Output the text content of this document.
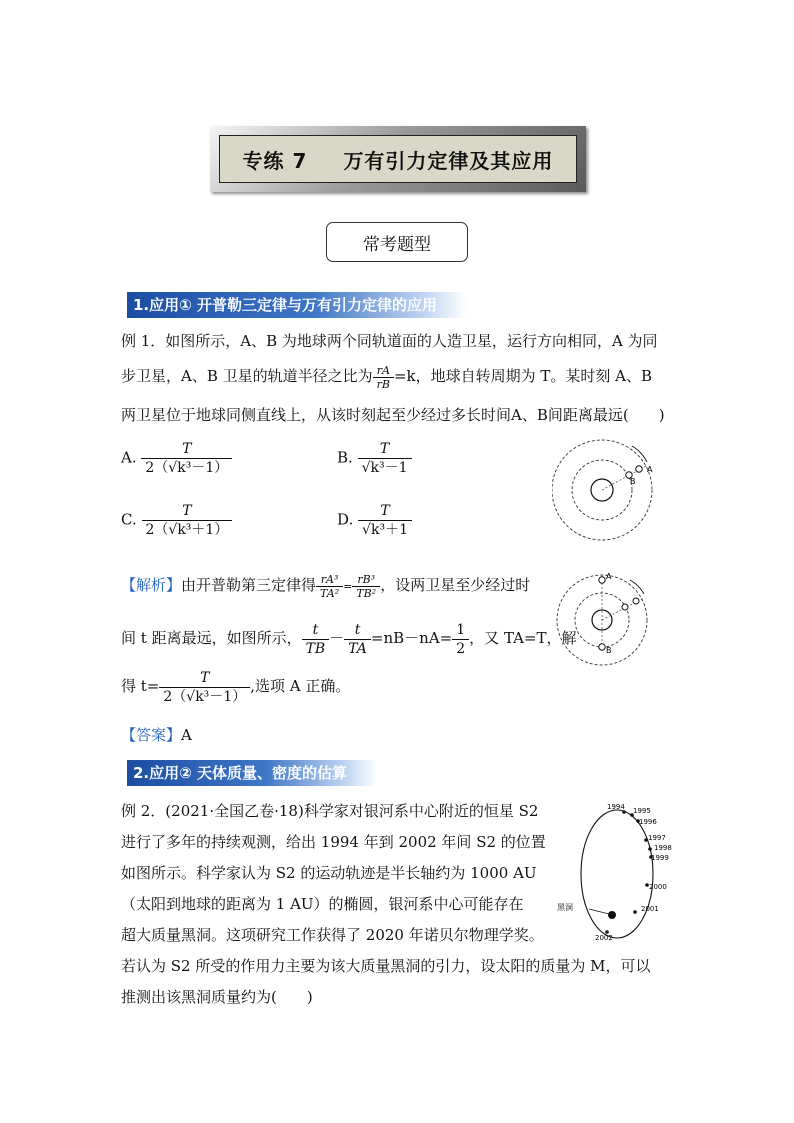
专练 7 万有引力定律及其应用
常考题型
1.应用① 开普勒三定律与万有引力定律的应用
例 1．如图所示，A、B 为地球两个同轨道面的人造卫星，运行方向相同，A 为同
步卫星，A、B 卫星的轨道半径之比为 $\frac{rA}{rB} =k$，地球自转周期为 T。某时刻 A、B
两卫星位于地球同侧直线上，从该时刻起至少经过多长时间A、B间距离最远(　　)
A. $\frac{T}{\text{2（√k³－1）}}$	B. $\frac{T}{\text{√k³－1}}$
C. $\frac{T}{\text{2（√k³＋1）}}$	D. $\frac{T}{\text{√k³＋1}}$
A
B
【解析】由开普勒第三定律得 $\frac{\text{rA³}}{\text{TA²}} = \frac{\text{rB³}}{\text{TB²}}$ ，设两卫星至少经过时
间 t 距离最远，如图所示， $\frac{t}{TB} - \frac{t}{TA} =nB-nA= \frac{1}{2}$ ，又 TA=T，解
得 $t= \frac{T}{\text{2（√k³－1）}}$ ,选项 A 正确。
A
B
【答案】A
2.应用② 天体质量、密度的估算
例 2．(2021·全国乙卷·18)科学家对银河系中心附近的恒星 S2
进行了多年的持续观测，给出 1994 年到 2002 年间 S2 的位置
如图所示。科学家认为 S2 的运动轨迹是半长轴约为 1000 AU
（太阳到地球的距离为 1 AU）的椭圆，银河系中心可能存在
超大质量黑洞。这项研究工作获得了 2020 年诺贝尔物理学奖。
若认为 S2 所受的作用力主要为该大质量黑洞的引力，设太阳的质量为 M，可以
推测出该黑洞质量约为(　　)
黑洞
1994 1995
1996
1997
1998
1999
2000
2001
2002
